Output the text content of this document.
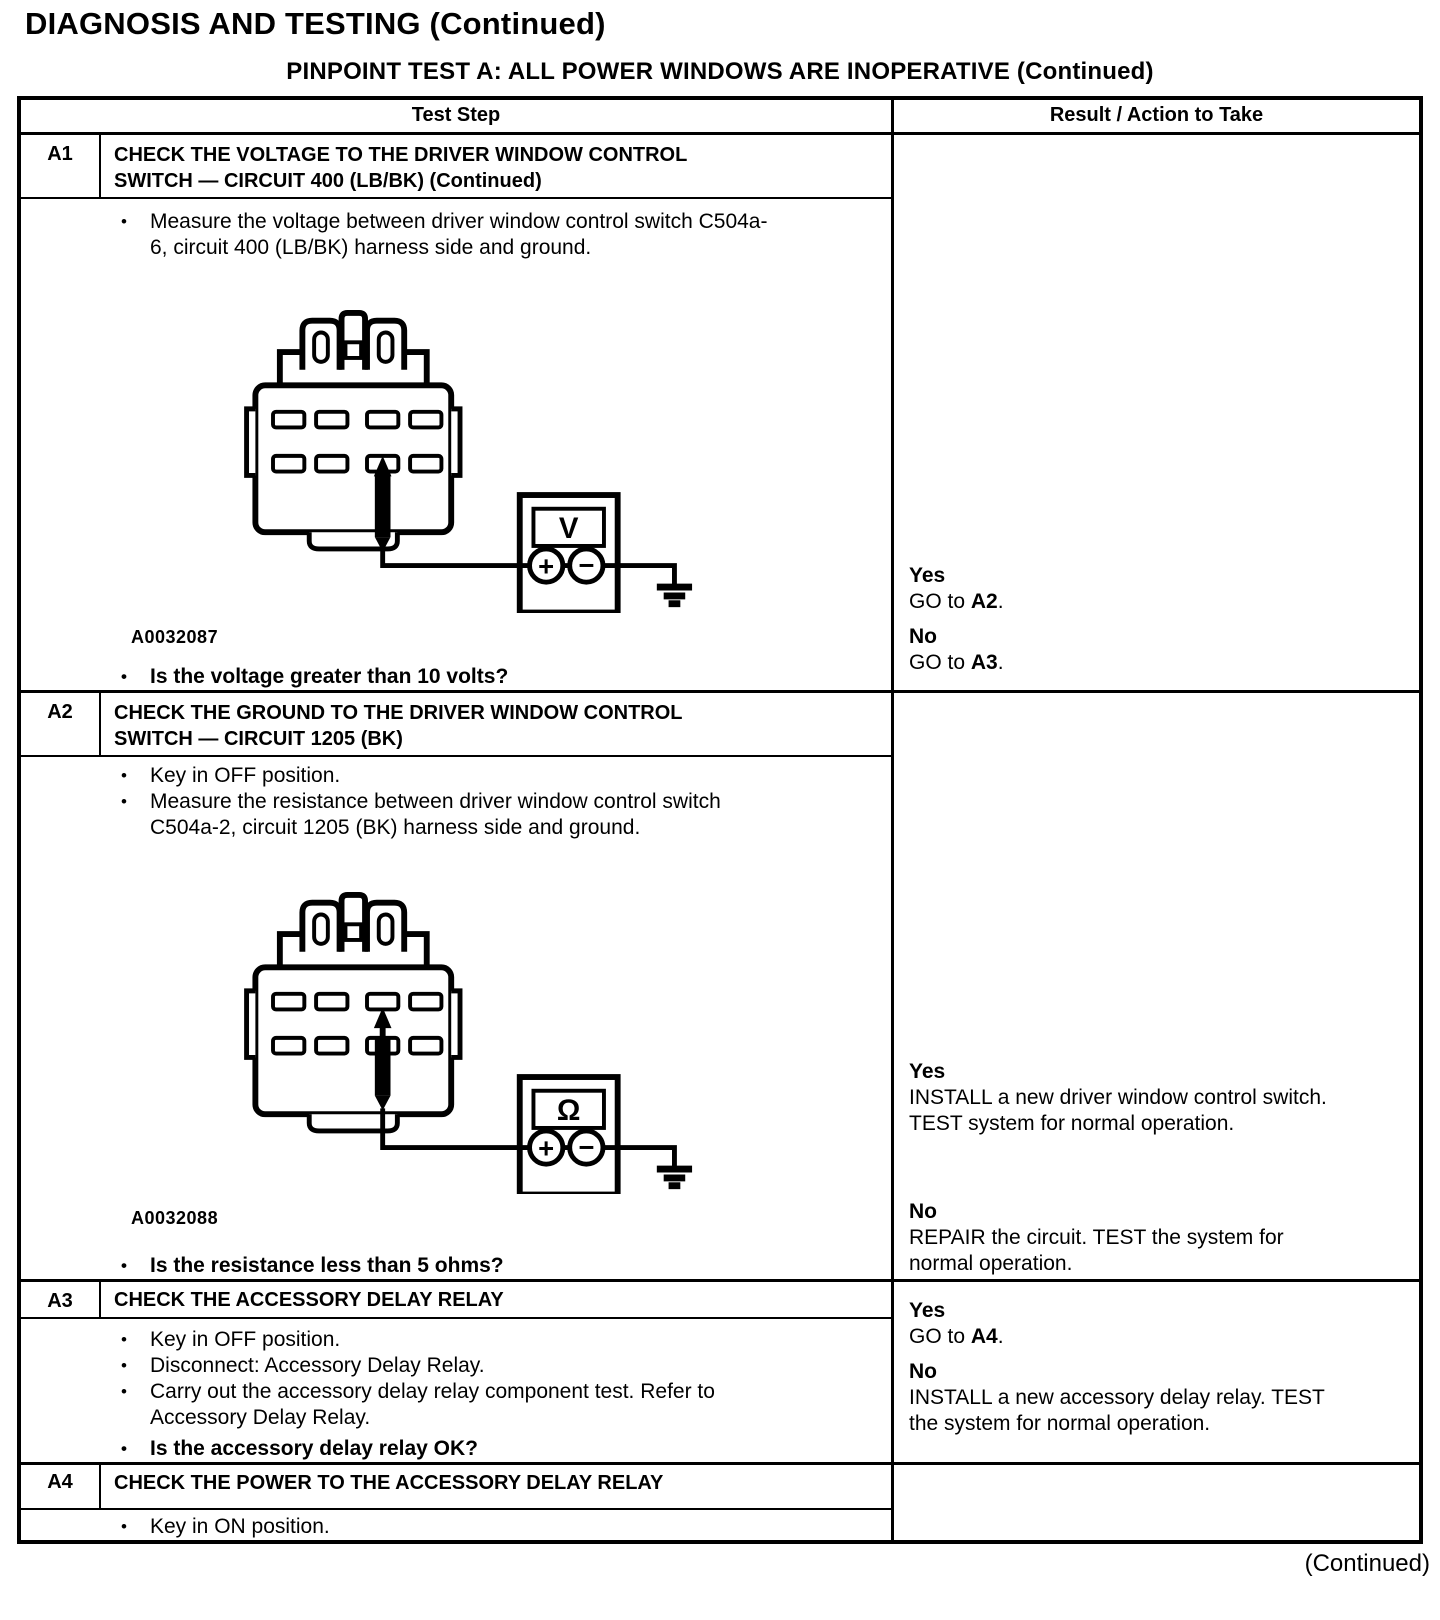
DIAGNOSIS AND TESTING (Continued)
PINPOINT TEST A: ALL POWER WINDOWS ARE INOPERATIVE (Continued)
Test Step	Result / Action to Take
A1	CHECK THE VOLTAGE TO THE DRIVER WINDOW CONTROL SWITCH — CIRCUIT 400 (LB/BK) (Continued)
•	Measure the voltage between driver window control switch C504a-6, circuit 400 (LB/BK) harness side and ground.
V
+ −
A0032087
•	Is the voltage greater than 10 volts?
Yes
GO to A2.
No
GO to A3.
A2	CHECK THE GROUND TO THE DRIVER WINDOW CONTROL SWITCH — CIRCUIT 1205 (BK)
•	Key in OFF position.
•	Measure the resistance between driver window control switch C504a-2, circuit 1205 (BK) harness side and ground.
Ω
+ −
A0032088
•	Is the resistance less than 5 ohms?
Yes
INSTALL a new driver window control switch. TEST system for normal operation.
No
REPAIR the circuit. TEST the system for normal operation.
A3	CHECK THE ACCESSORY DELAY RELAY
•	Key in OFF position.
•	Disconnect: Accessory Delay Relay.
•	Carry out the accessory delay relay component test. Refer to Accessory Delay Relay.
•	Is the accessory delay relay OK?
Yes
GO to A4.
No
INSTALL a new accessory delay relay. TEST the system for normal operation.
A4	CHECK THE POWER TO THE ACCESSORY DELAY RELAY
•	Key in ON position.
(Continued)
